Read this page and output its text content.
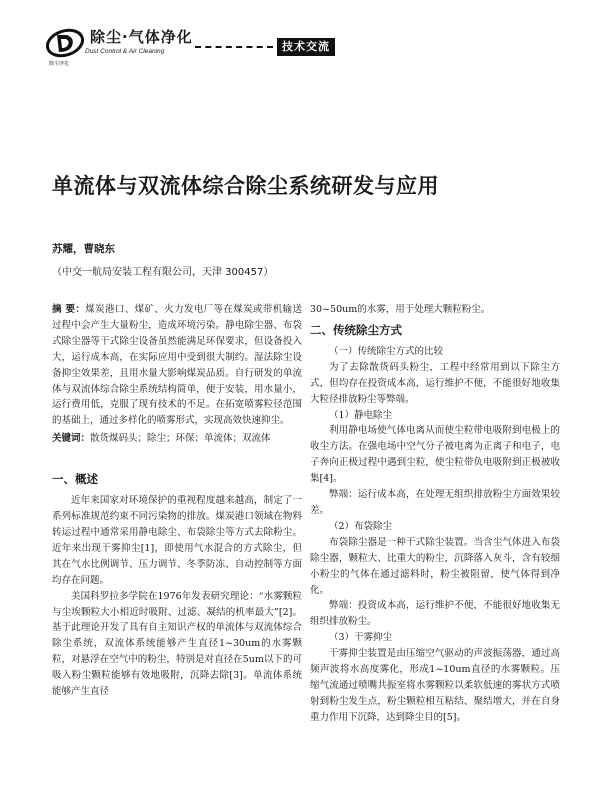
除尘·气体净化
Dust Control & Air Cleaning
除尘净化
技术交流
单流体与双流体综合除尘系统研发与应用
苏耀，曹晓东
（中交一航局安装工程有限公司，天津 300457）

摘 要：煤炭港口、煤矿、火力发电厂等在煤炭或带机输送过程中会产生大量粉尘，造成环境污染。静电除尘器、布袋式除尘器等干式除尘设备虽然能满足环保要求，但设备投入大，运行成本高，在实际应用中受到很大制约。湿法除尘设备抑尘效果差，且用水量大影响煤炭品质。自行研发的单流体与双流体综合除尘系统结构简单，便于安装，用水量小，运行费用低，克服了现有技术的不足。在拓宽喷雾粒径范围的基础上，通过多样化的喷雾形式，实现高效快速抑尘。

关键词：散货煤码头；除尘；环保；单流体；双流体

一、概述

近年来国家对环境保护的重视程度越来越高，制定了一系列标准规范约束不同污染物的排放。煤炭港口领域在物料转运过程中通常采用静电除尘、布袋除尘等方式去除粉尘。近年来出现干雾抑尘[1]，即使用气水混合的方式除尘，但其在气水比例调节、压力调节、冬季防冻、自动控制等方面均存在问题。

美国科罗拉多学院在1976年发表研究理论：“水雾颗粒与尘埃颗粒大小相近时吸附、过滤、凝结的机率最大”[2]。基于此理论开发了具有自主知识产权的单流体与双流体综合除尘系统，双流体系统能够产生直径1~30um的水雾颗粒，对悬浮在空气中的粉尘，特别是对直径在5um以下的可吸入粉尘颗粒能够有效地吸附，沉降去除[3]。单流体系统能够产生直径

30~50um的水雾，用于处理大颗粒粉尘。

二、传统除尘方式

（一）传统除尘方式的比较

为了去除散货码头粉尘，工程中经常用到以下除尘方式，但均存在投资成本高，运行维护不便，不能很好地收集大粒径排放粉尘等弊端。

（1）静电除尘

利用静电场使气体电离从而使尘粒带电吸附到电极上的收尘方法。在强电场中空气分子被电离为正离子和电子，电子奔向正极过程中遇到尘粒，使尘粒带负电吸附到正极被收集[4]。

弊端：运行成本高，在处理无组织排放粉尘方面效果较差。

（2）布袋除尘

布袋除尘器是一种干式除尘装置。当含尘气体进入布袋除尘器，颗粒大、比重大的粉尘，沉降落入灰斗，含有较细小粉尘的气体在通过滤料时，粉尘被阻留，使气体得到净化。

弊端：投资成本高，运行维护不便，不能很好地收集无组织排放粉尘。

（3）干雾抑尘

干雾抑尘装置是由压缩空气驱动的声波振荡器，通过高频声波将水高度雾化，形成1~10um直径的水雾颗粒。压缩气流通过喷嘴共振室将水雾颗粒以柔软低速的雾状方式喷射到粉尘发生点，粉尘颗粒相互粘结、聚结增大，并在自身重力作用下沉降，达到降尘目的[5]。
